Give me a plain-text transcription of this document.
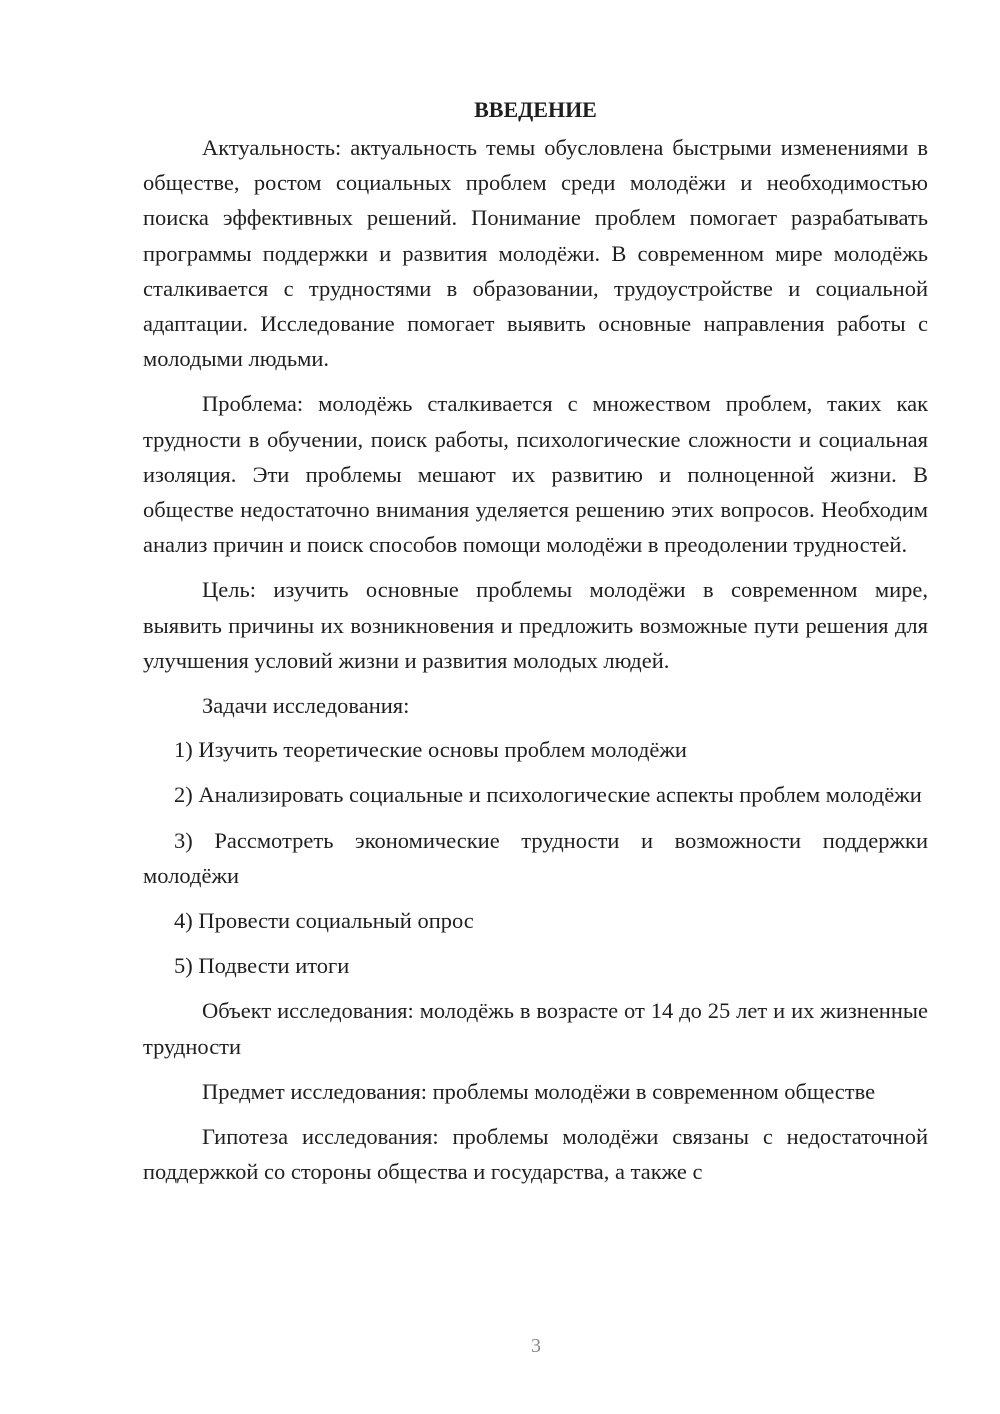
ВВЕДЕНИЕ

Актуальность: актуальность темы обусловлена быстрыми изменениями в обществе, ростом социальных проблем среди молодёжи и необходимостью поиска эффективных решений. Понимание проблем помогает разрабатывать программы поддержки и развития молодёжи. В современном мире молодёжь сталкивается с трудностями в образовании, трудоустройстве и социальной адаптации. Исследование помогает выявить основные направления работы с молодыми людьми.

Проблема: молодёжь сталкивается с множеством проблем, таких как трудности в обучении, поиск работы, психологические сложности и социальная изоляция. Эти проблемы мешают их развитию и полноценной жизни. В обществе недостаточно внимания уделяется решению этих вопросов. Необходим анализ причин и поиск способов помощи молодёжи в преодолении трудностей.

Цель: изучить основные проблемы молодёжи в современном мире, выявить причины их возникновения и предложить возможные пути решения для улучшения условий жизни и развития молодых людей.

Задачи исследования:

1) Изучить теоретические основы проблем молодёжи

2) Анализировать социальные и психологические аспекты проблем молодёжи

3) Рассмотреть экономические трудности и возможности поддержки молодёжи

4) Провести социальный опрос

5) Подвести итоги

Объект исследования: молодёжь в возрасте от 14 до 25 лет и их жизненные трудности

Предмет исследования: проблемы молодёжи в современном обществе

Гипотеза исследования: проблемы молодёжи связаны с недостаточной поддержкой со стороны общества и государства, а также с

3
